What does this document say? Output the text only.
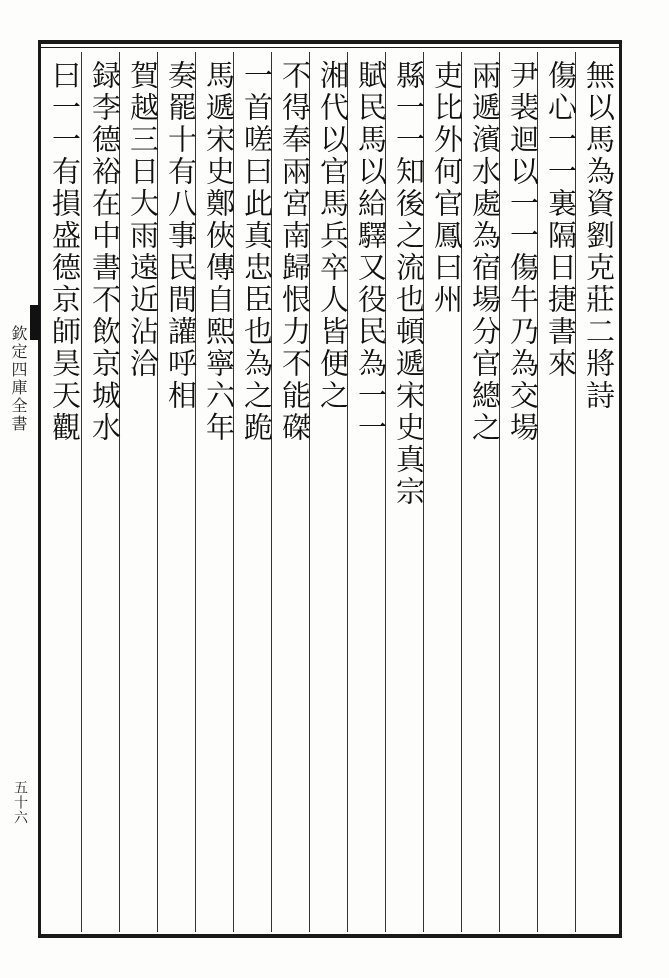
欽定四庫全書
五十六
無以馬為資劉克莊二將詩
傷心一一裏隔日捷書來
尹裴迴以一一傷牛乃為交場
兩遞濱水處為宿場分官總之
吏比外何官鳳曰州
縣一一知後之流也頓遞宋史真宗
賦民馬以給驛又役民為一一
湘代以官馬兵卒人皆便之
不得奉兩宮南歸恨力不能磔
一首嗟曰此真忠臣也為之跪
馬遞宋史鄭俠傳自熙寧六年
奏罷十有八事民間讙呼相
賀越三日大雨遠近沾洽
録李德裕在中書不飲京城水
曰一一有損盛德京師昊天觀
